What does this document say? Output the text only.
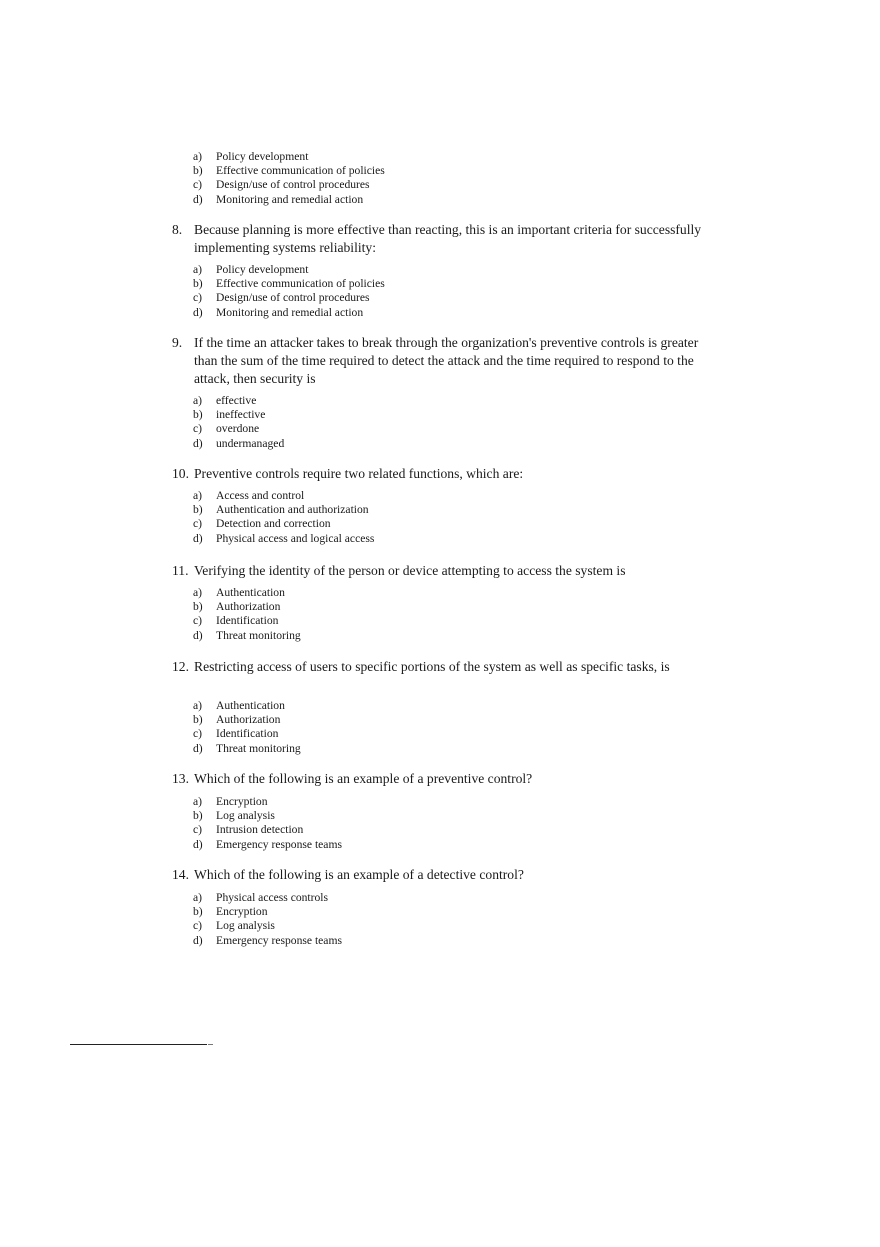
a) Policy development
b) Effective communication of policies
c) Design/use of control procedures
d) Monitoring and remedial action
8. Because planning is more effective than reacting, this is an important criteria for successfully implementing systems reliability:
a) Policy development
b) Effective communication of policies
c) Design/use of control procedures
d) Monitoring and remedial action
9. If the time an attacker takes to break through the organization's preventive controls is greater than the sum of the time required to detect the attack and the time required to respond to the attack, then security is
a) effective
b) ineffective
c) overdone
d) undermanaged
10. Preventive controls require two related functions, which are:
a) Access and control
b) Authentication and authorization
c) Detection and correction
d) Physical access and logical access
11. Verifying the identity of the person or device attempting to access the system is
a) Authentication
b) Authorization
c) Identification
d) Threat monitoring
12. Restricting access of users to specific portions of the system as well as specific tasks, is
a) Authentication
b) Authorization
c) Identification
d) Threat monitoring
13. Which of the following is an example of a preventive control?
a) Encryption
b) Log analysis
c) Intrusion detection
d) Emergency response teams
14. Which of the following is an example of a detective control?
a) Physical access controls
b) Encryption
c) Log analysis
d) Emergency response teams
